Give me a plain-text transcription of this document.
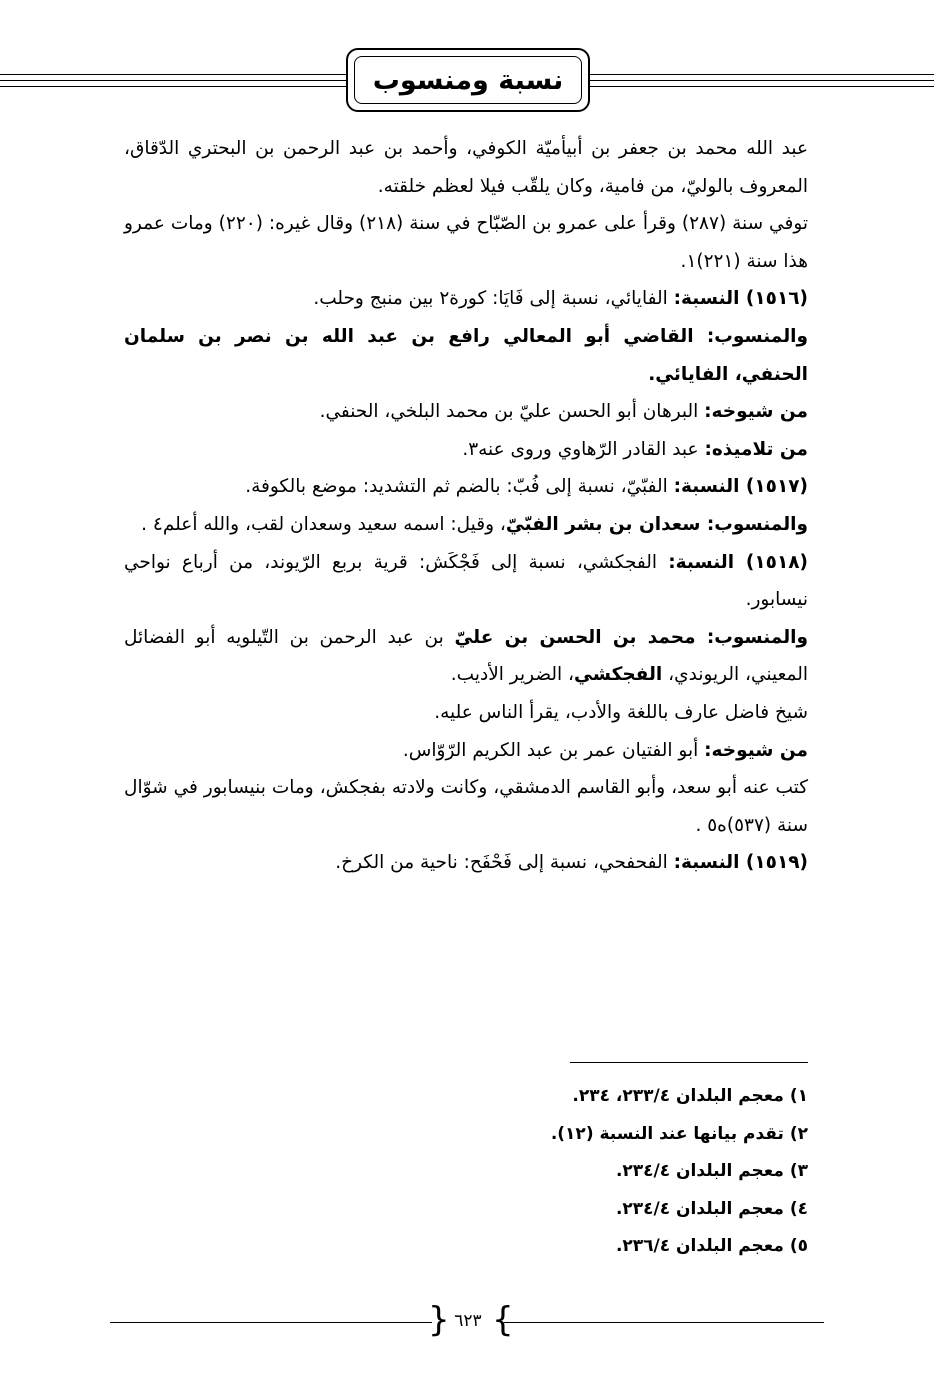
نسبة ومنسوب

عبد الله محمد بن جعفر بن أبيأميّة الكوفي، وأحمد بن عبد الرحمن بن البحتري الدّقاق، المعروف بالوليّ، من فامية، وكان يلقّب فيلا لعظم خلقته.

توفي سنة (٢٨٧) وقرأ على عمرو بن الصّبّاح في سنة (٢١٨) وقال غيره: (٢٢٠) ومات عمرو هذا سنة (٢٢١)١.

(١٥١٦) النسبة: الفايائي، نسبة إلى فَايَا: كورة٢ بين منبج وحلب.

والمنسوب: القاضي أبو المعالي رافع بن عبد الله بن نصر بن سلمان الحنفي، الفايائي.

من شيوخه: البرهان أبو الحسن عليّ بن محمد البلخي، الحنفي.

من تلاميذه: عبد القادر الرّهاوي وروى عنه٣.

(١٥١٧) النسبة: الفبّيّ، نسبة إلى فُبّ: بالضم ثم التشديد: موضع بالكوفة.

والمنسوب: سعدان بن بشر الفبّيّ، وقيل: اسمه سعيد وسعدان لقب، والله أعلم٤ .

(١٥١٨) النسبة: الفجكشي، نسبة إلى فَجْكَش: قرية بربع الرّيوند، من أرباع نواحي نيسابور.

والمنسوب: محمد بن الحسن بن عليّ بن عبد الرحمن بن التّيلويه أبو الفضائل المعيني، الريوندي، الفجكشي، الضرير الأديب.

شيخ فاضل عارف باللغة والأدب، يقرأ الناس عليه.

من شيوخه: أبو الفتيان عمر بن عبد الكريم الرّوّاس.

كتب عنه أبو سعد، وأبو القاسم الدمشقي، وكانت ولادته بفجكش، ومات بنيسابور في شوّال سنة (٥٣٧)ه٥ .

(١٥١٩) النسبة: الفحفحي، نسبة إلى فَحْفَح: ناحية من الكرخ.

١) معجم البلدان ٢٣٣/٤، ٢٣٤.
٢) تقدم بيانها عند النسبة (١٢).
٣) معجم البلدان ٢٣٤/٤.
٤) معجم البلدان ٢٣٤/٤.
٥) معجم البلدان ٢٣٦/٤.
{ ٦٢٣ }
